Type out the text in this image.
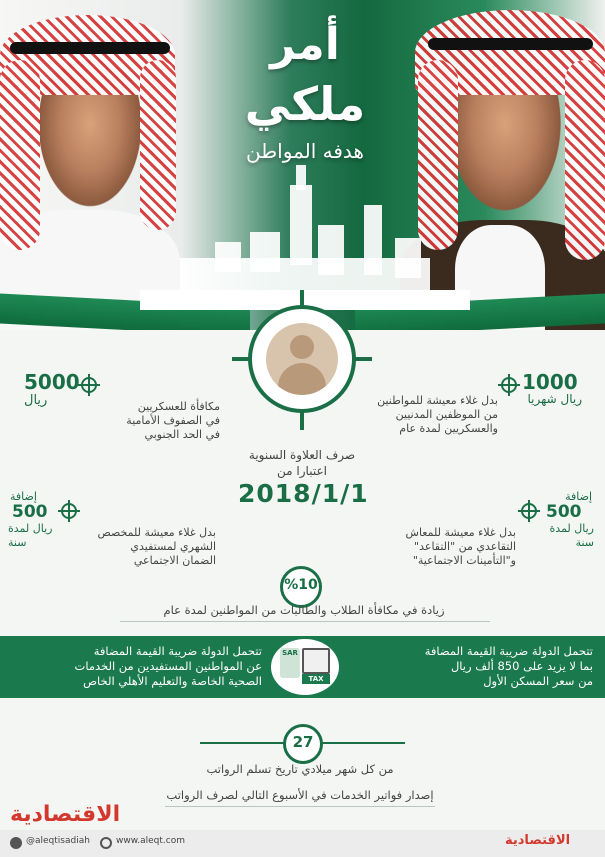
أمر
ملكي
هدفه المواطن
5000
ريال	مكافأة للعسكريين
في الصفوف الأمامية
في الحد الجنوبي
1000
ريال شهريا
بدل غلاء معيشة للمواطنين
من الموظفين المدنيين
والعسكريين لمدة عام
صرف العلاوة السنوية
اعتبارا من
2018/1/1
إضافة
500
ريال لمدة
سنة
بدل غلاء معيشة للمخصص
الشهري لمستفيدي
الضمان الاجتماعي
إضافة
500
ريال لمدة
سنة
بدل غلاء معيشة للمعاش
التقاعدي من "التقاعد"
و"التأمينات الاجتماعية"
%10
زيادة في مكافأة الطلاب والطالبات من المواطنين لمدة عام
تتحمل الدولة ضريبة القيمة المضافة
عن المواطنين المستفيدين من الخدمات
الصحية الخاصة والتعليم الأهلي الخاص
تتحمل الدولة ضريبة القيمة المضافة
بما لا يزيد على 850 ألف ريال
من سعر المسكن الأول
SAR
TAX
27
من كل شهر ميلادي تاريخ تسلم الرواتب
إصدار فواتير الخدمات في الأسبوع التالي لصرف الرواتب
الاقتصادية
@aleqtisadiah	www.aleqt.com	الاقتصادية
